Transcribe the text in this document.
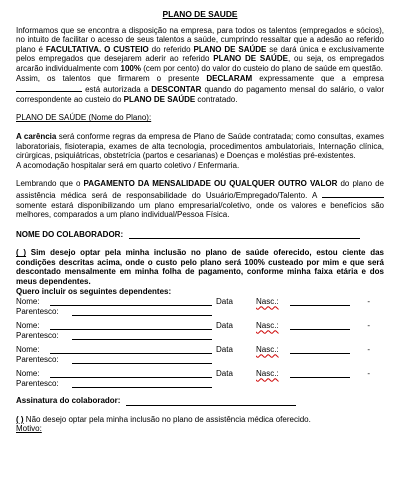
PLANO DE SAUDE

Informamos que se encontra a disposição na empresa, para todos os talentos (empregados e sócios), no intuito de facilitar o acesso de seus talentos a saúde, cumprindo ressaltar que a adesão ao referido plano é FACULTATIVA. O CUSTEIO do referido PLANO DE SAÚDE se dará única e exclusivamente pelos empregados que desejarem aderir ao referido PLANO DE SAÚDE, ou seja, os empregados arcarão individualmente com 100% (cem por cento) do valor do custeio do plano de saúde em questão.

Assim, os talentos que firmarem o presente DECLARAM expressamente que a empresa  está autorizada a DESCONTAR quando do pagamento mensal do salário, o valor correspondente ao custeio do PLANO DE SAÚDE contratado.

PLANO DE SAÚDE (Nome do Plano):

A carência será conforme regras da empresa de Plano de Saúde contratada; como consultas, exames laboratoriais, fisioterapia, exames de alta tecnologia, procedimentos ambulatoriais, Internação clínica, cirúrgicas, psiquiátricas, obstetrícia (partos e cesarianas) e Doenças e moléstias pré-existentes.

A acomodação hospitalar será em quarto coletivo / Enfermaria.

Lembrando que o PAGAMENTO DA MENSALIDADE OU QUALQUER OUTRO VALOR do plano de assistência médica será de responsabilidade do Usuário/Empregado/Talento. A  somente estará disponibilizando um plano empresarial/coletivo, onde os valores e benefícios são melhores, comparados a um plano individual/Pessoa Física.

NOME DO COLABORADOR:

( ) Sim desejo optar pela minha inclusão no plano de saúde oferecido, estou ciente das condições descritas acima, onde o custo pelo plano será 100% custeado por mim e que será descontado mensalmente em minha folha de pagamento, conforme minha faixa etária e dos meus dependentes.

Quero incluir os seguintes dependentes:
Nome:	Data	Nasc.:	-
Parentesco:
Nome:	Data	Nasc.:	-
Parentesco:
Nome:	Data	Nasc.:	-
Parentesco:
Nome:	Data	Nasc.:	-
Parentesco:
Assinatura do colaborador:

( ) Não desejo optar pela minha inclusão no plano de assistência médica oferecido.

Motivo:
